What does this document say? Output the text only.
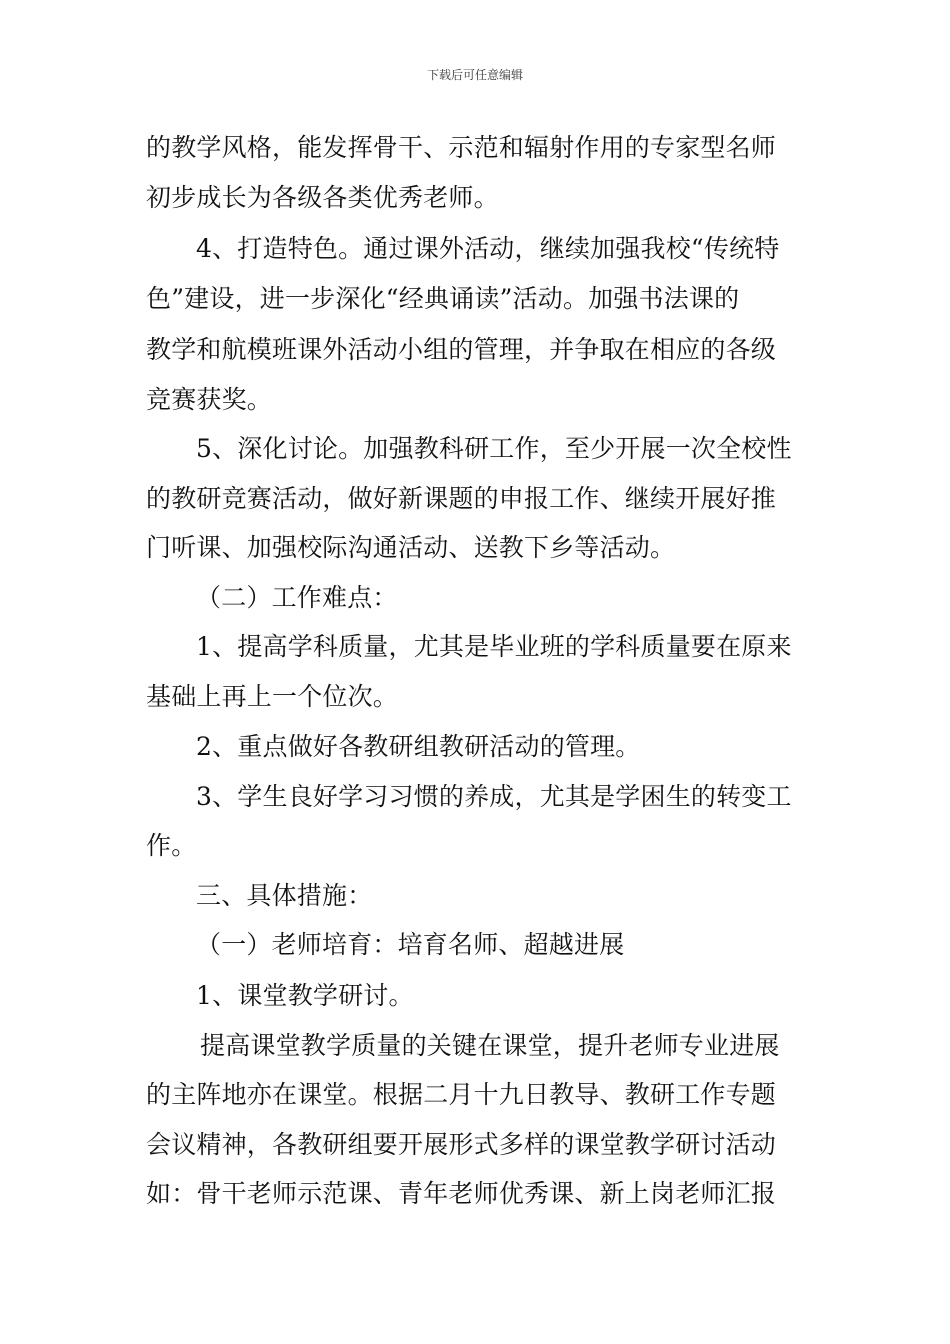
下载后可任意编辑
的教学风格，能发挥骨干、示范和辐射作用的专家型名师
初步成长为各级各类优秀老师。
4、打造特色。通过课外活动，继续加强我校“传统特
色”建设，进一步深化“经典诵读”活动。加强书法课的
教学和航模班课外活动小组的管理，并争取在相应的各级
竞赛获奖。
5、深化讨论。加强教科研工作，至少开展一次全校性
的教研竞赛活动，做好新课题的申报工作、继续开展好推
门听课、加强校际沟通活动、送教下乡等活动。
（二）工作难点：
1、提高学科质量，尤其是毕业班的学科质量要在原来
基础上再上一个位次。
2、重点做好各教研组教研活动的管理。
3、学生良好学习习惯的养成，尤其是学困生的转变工
作。
三、具体措施：
（一）老师培育：培育名师、超越进展
1、课堂教学研讨。
提高课堂教学质量的关键在课堂，提升老师专业进展
的主阵地亦在课堂。根据二月十九日教导、教研工作专题
会议精神，各教研组要开展形式多样的课堂教学研讨活动
如：骨干老师示范课、青年老师优秀课、新上岗老师汇报
